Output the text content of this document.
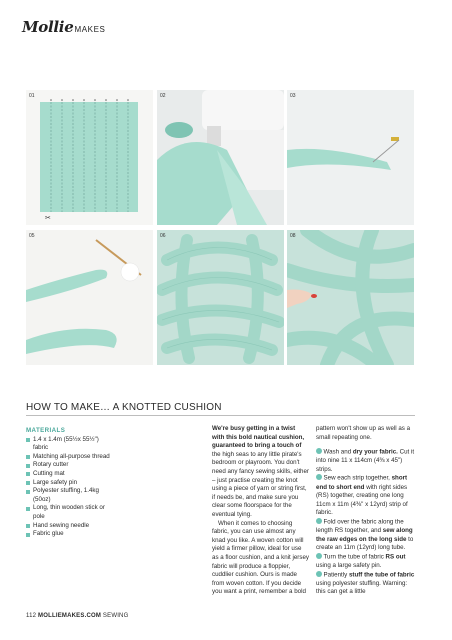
Mollie MAKES
✂
01	02	03
05	06	08
HOW TO MAKE… A KNOTTED CUSHION
MATERIALS
1.4 x 1.4m (55½x 55½") fabric
Matching all-purpose thread
Rotary cutter
Cutting mat
Large safety pin
Polyester stuffing, 1.4kg (50oz)
Long, thin wooden stick or pole
Hand sewing needle
Fabric glue
We're busy getting in a twist with this bold nautical cushion, guaranteed to bring a touch of the high seas to any little pirate's bedroom or playroom. You don't need any fancy sewing skills, either – just practise creating the knot using a piece of yarn or string first, if needs be, and make sure you clear some floorspace for the eventual tying.
When it comes to choosing fabric, you can use almost any knad you like. A woven cotton will yield a firmer pillow, ideal for use as a floor cushion, and a knit jersey fabric will produce a floppier, cuddlier cushion. Ours is made from woven cotton. If you decide you want a print, remember a bold
pattern won't show up as well as a small repeating one.
Wash and dry your fabric. Cut it into nine 11 x 114cm (4⅜ x 45") strips.
Sew each strip together, short end to short end with right sides (RS) together, creating one long 11cm x 11m (4⅜" x 12yrd) strip of fabric.
Fold over the fabric along the length RS together, and sew along the raw edges on the long side to create an 11m (12yrd) long tube.
Turn the tube of fabric RS out using a large safety pin.
Patiently stuff the tube of fabric using polyester stuffing. Warning: this can get a little
112 MOLLIEMAKES.COM SEWING
